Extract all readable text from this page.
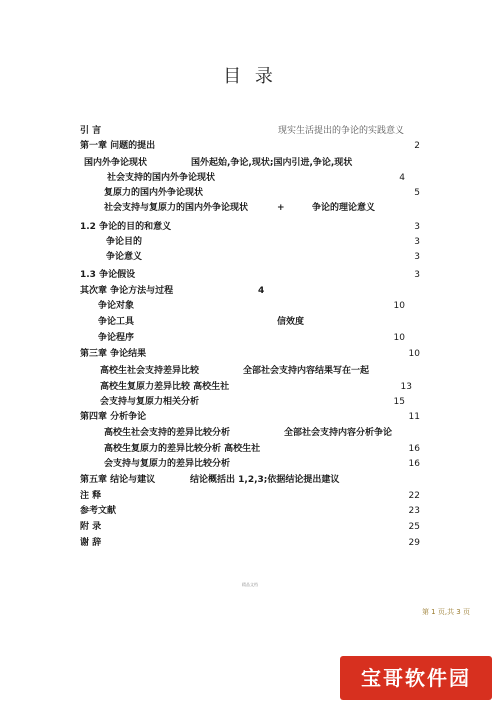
目 录
引 言	现实生活提出的争论的实践意义
第一章 问题的提出	2
国内外争论现状	国外起始,争论,现状;国内引进,争论,现状
社会支持的国内外争论现状	4
复原力的国内外争论现状	5
社会支持与复原力的国内外争论现状	+	争论的理论意义
1.2 争论的目的和意义	3
争论目的	3
争论意义	3
1.3 争论假设	3
其次章 争论方法与过程	4
争论对象	10
争论工具	信效度
争论程序	10
第三章 争论结果	10
高校生社会支持差异比较	全部社会支持内容结果写在一起
高校生复原力差异比较 高校生社	13
会支持与复原力相关分析	15
第四章 分析争论	11
高校生社会支持的差异比较分析	全部社会支持内容分析争论
高校生复原力的差异比较分析 高校生社	16
会支持与复原力的差异比较分析	16
第五章 结论与建议	结论概括出 1,2,3;依据结论提出建议
注 释	22
参考文献	23
附 录	25
谢 辞	29
精品文档
第 1 页,共 3 页
宝哥软件园
